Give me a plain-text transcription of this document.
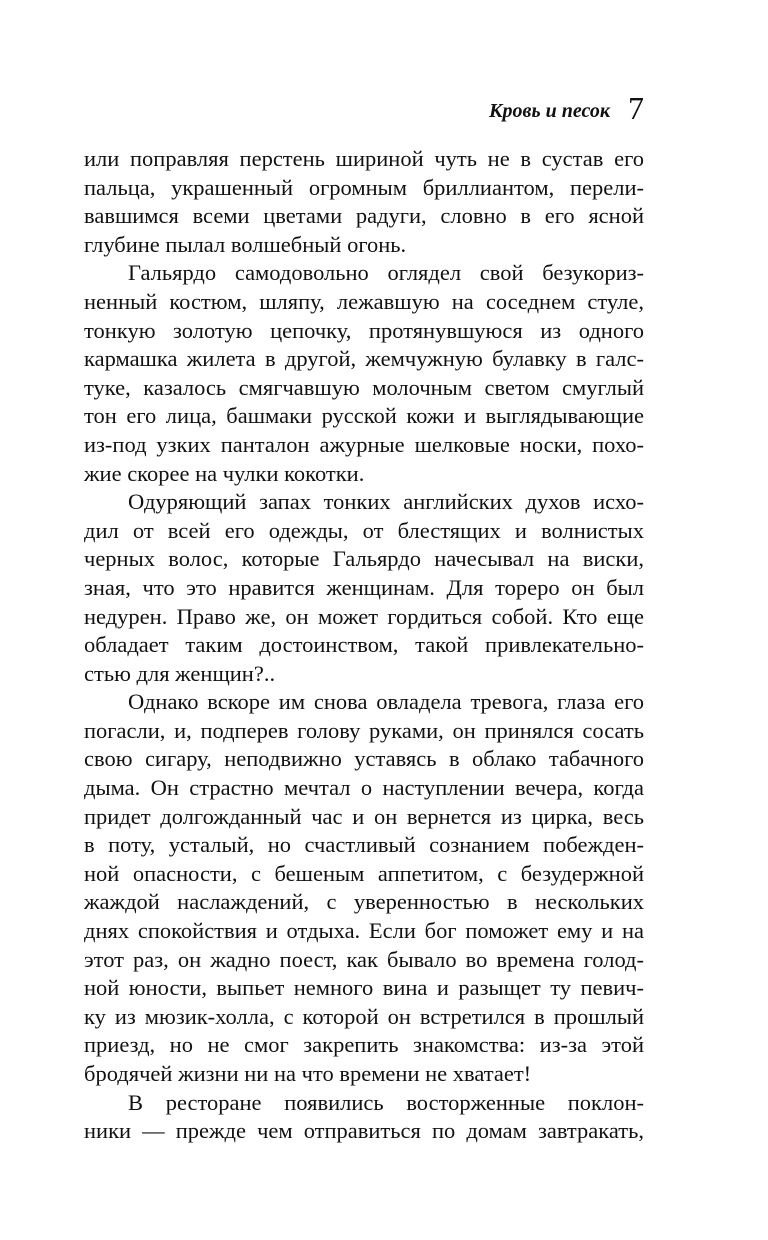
Кровь и песок 7

или поправляя перстень шириной чуть не в сустав его
пальца, украшенный огромным бриллиантом, перели-
вавшимся всеми цветами радуги, словно в его ясной
глубине пылал волшебный огонь.

Гальярдо самодовольно оглядел свой безукориз-
ненный костюм, шляпу, лежавшую на соседнем стуле,
тонкую золотую цепочку, протянувшуюся из одного
кармашка жилета в другой, жемчужную булавку в галс-
туке, казалось смягчавшую молочным светом смуглый
тон его лица, башмаки русской кожи и выглядывающие
из-под узких панталон ажурные шелковые носки, похо-
жие скорее на чулки кокотки.

Одуряющий запах тонких английских духов исхо-
дил от всей его одежды, от блестящих и волнистых
черных волос, которые Гальярдо начесывал на виски,
зная, что это нравится женщинам. Для тореро он был
недурен. Право же, он может гордиться собой. Кто еще
обладает таким достоинством, такой привлекательно-
стью для женщин?..

Однако вскоре им снова овладела тревога, глаза его
погасли, и, подперев голову руками, он принялся сосать
свою сигару, неподвижно уставясь в облако табачного
дыма. Он страстно мечтал о наступлении вечера, когда
придет долгожданный час и он вернется из цирка, весь
в поту, усталый, но счастливый сознанием побежден-
ной опасности, с бешеным аппетитом, с безудержной
жаждой наслаждений, с уверенностью в нескольких
днях спокойствия и отдыха. Если бог поможет ему и на
этот раз, он жадно поест, как бывало во времена голод-
ной юности, выпьет немного вина и разыщет ту певич-
ку из мюзик-холла, с которой он встретился в прошлый
приезд, но не смог закрепить знакомства: из-за этой
бродячей жизни ни на что времени не хватает!

В ресторане появились восторженные поклон-
ники — прежде чем отправиться по домам завтракать,
